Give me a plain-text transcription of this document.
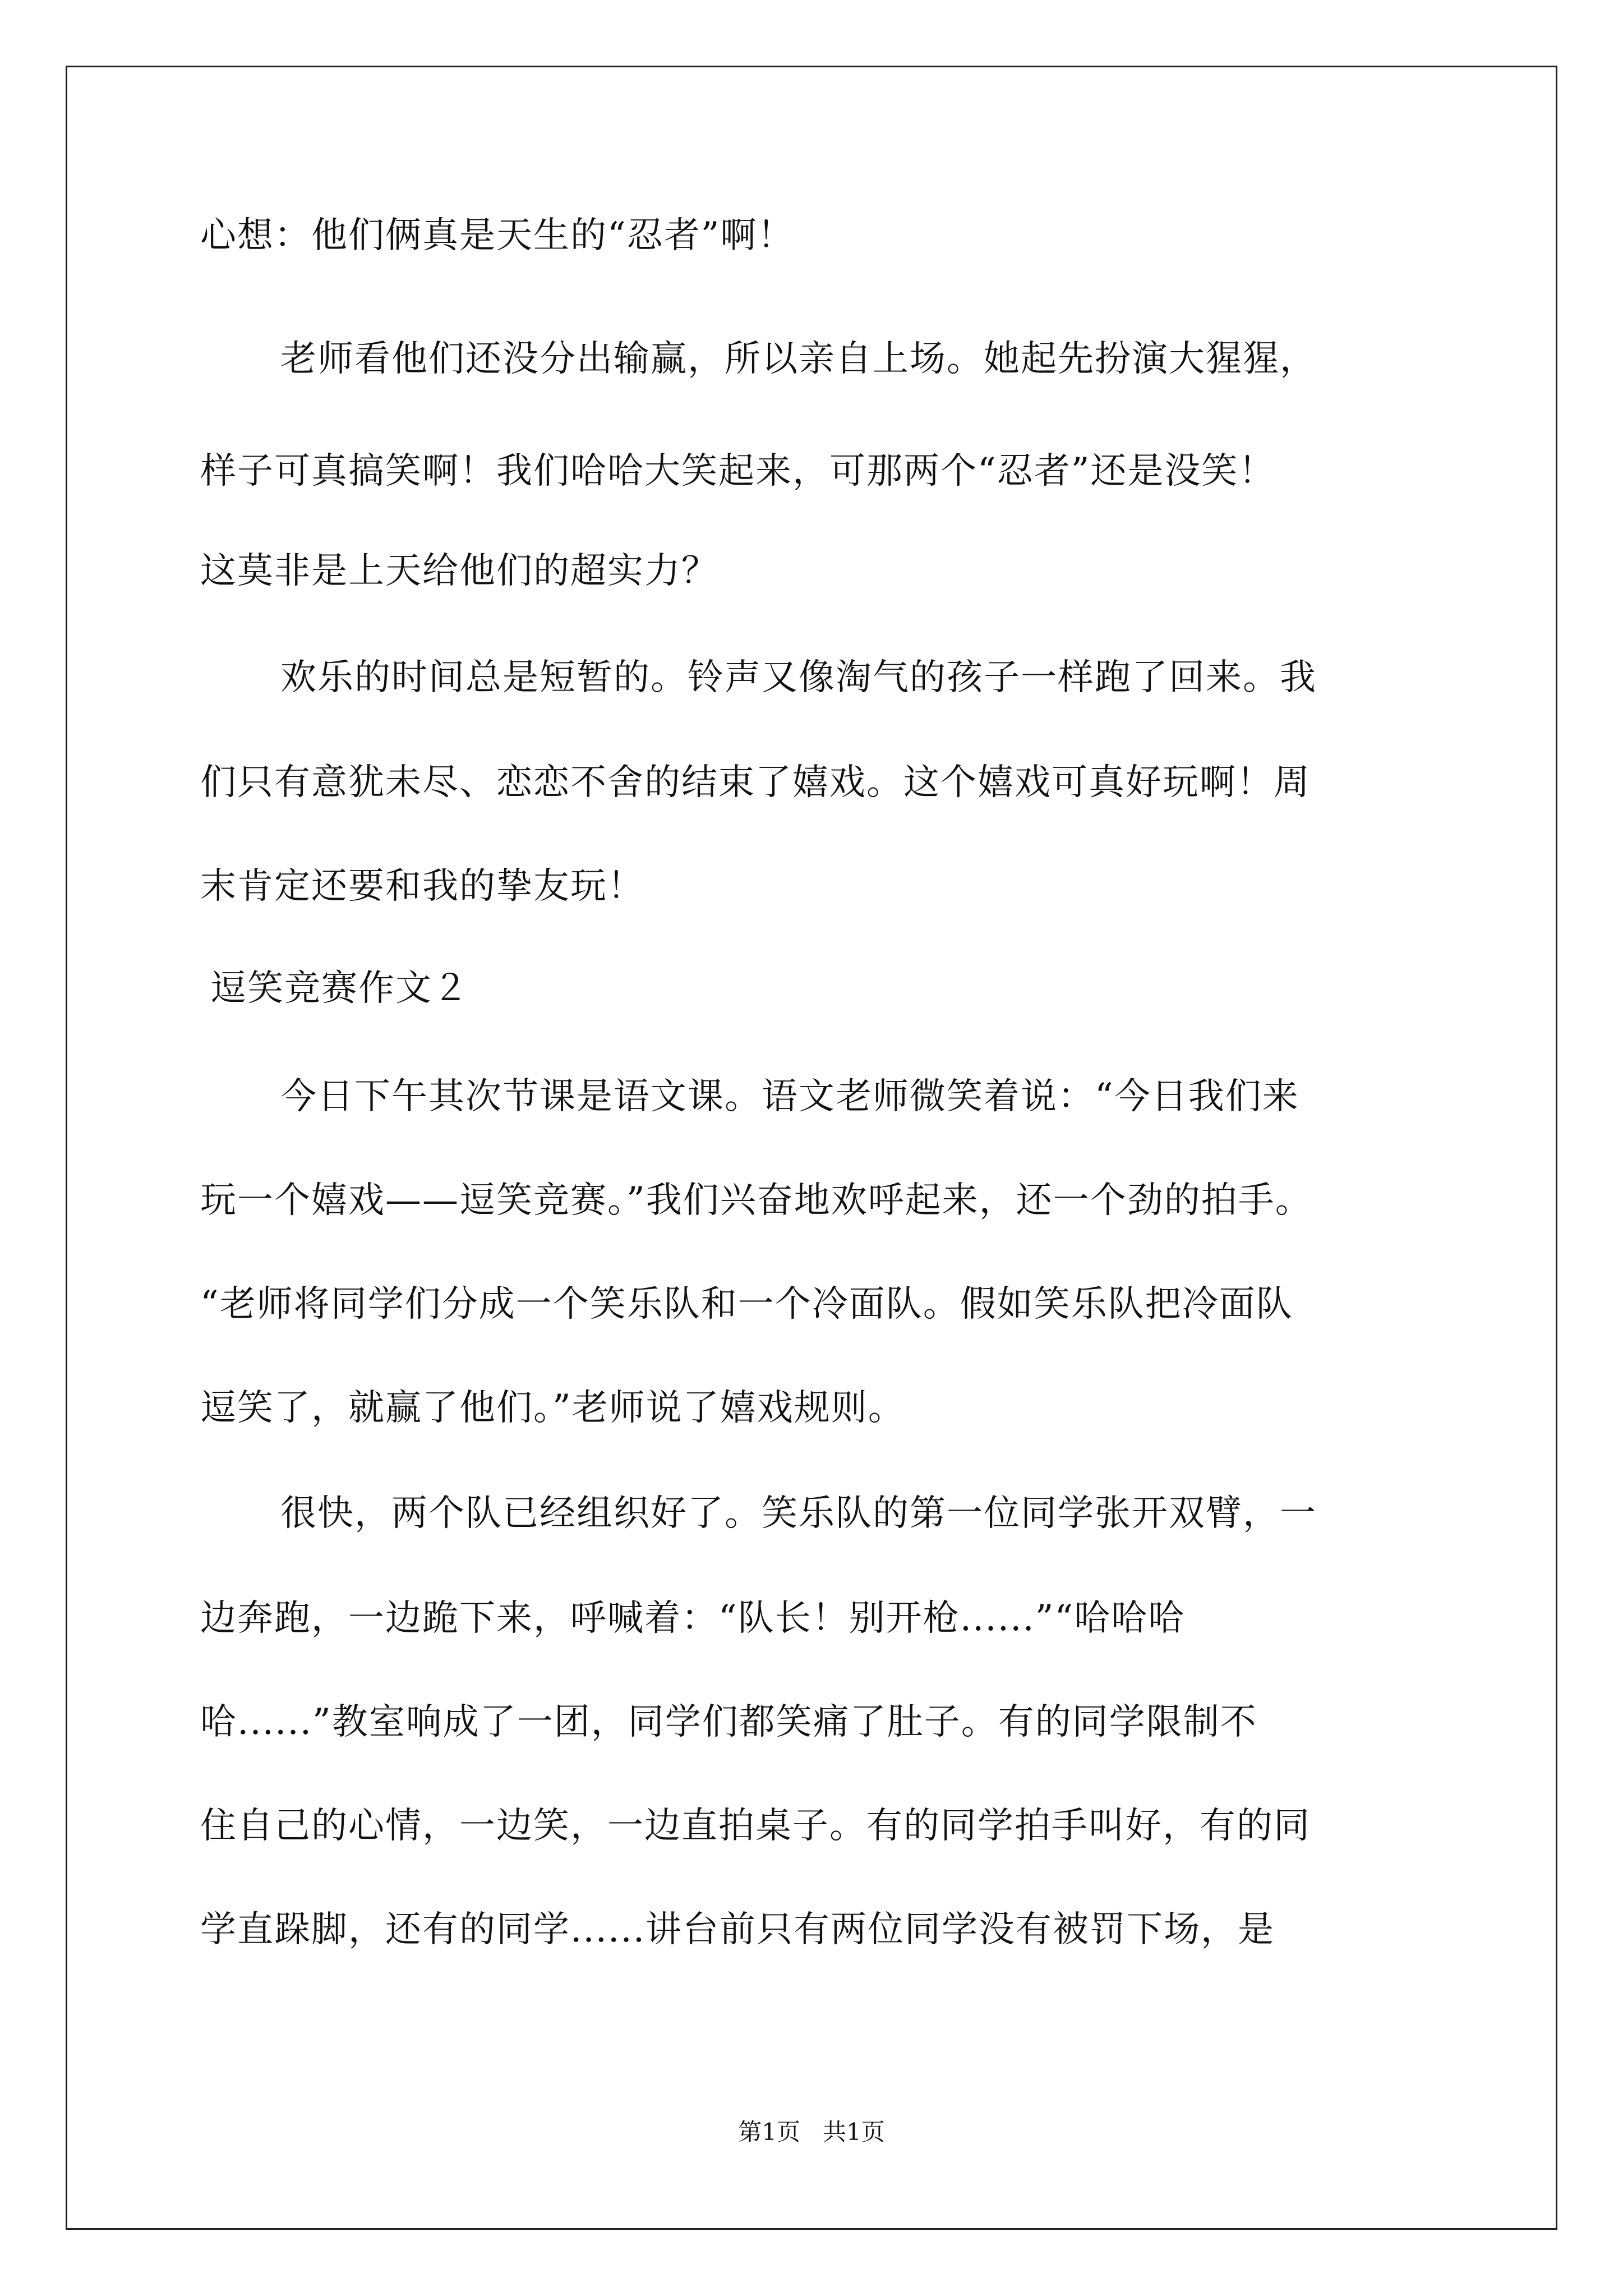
心想：他们俩真是天生的“忍者”啊！
老师看他们还没分出输赢，所以亲自上场。她起先扮演大猩猩，
样子可真搞笑啊！我们哈哈大笑起来，可那两个“忍者”还是没笑！
这莫非是上天给他们的超实力？
欢乐的时间总是短暂的。铃声又像淘气的孩子一样跑了回来。我
们只有意犹未尽、恋恋不舍的结束了嬉戏。这个嬉戏可真好玩啊！周
末肯定还要和我的挚友玩！
逗笑竞赛作文２
今日下午其次节课是语文课。语文老师微笑着说：“今日我们来
玩一个嬉戏——逗笑竞赛。”我们兴奋地欢呼起来，还一个劲的拍手。
“老师将同学们分成一个笑乐队和一个冷面队。假如笑乐队把冷面队
逗笑了，就赢了他们。”老师说了嬉戏规则。
很快，两个队已经组织好了。笑乐队的第一位同学张开双臂，一
边奔跑，一边跪下来，呼喊着：“队长！别开枪......”“哈哈哈
哈......”教室响成了一团，同学们都笑痛了肚子。有的同学限制不
住自己的心情，一边笑，一边直拍桌子。有的同学拍手叫好，有的同
学直跺脚，还有的同学......讲台前只有两位同学没有被罚下场，是
第1页   共1页
